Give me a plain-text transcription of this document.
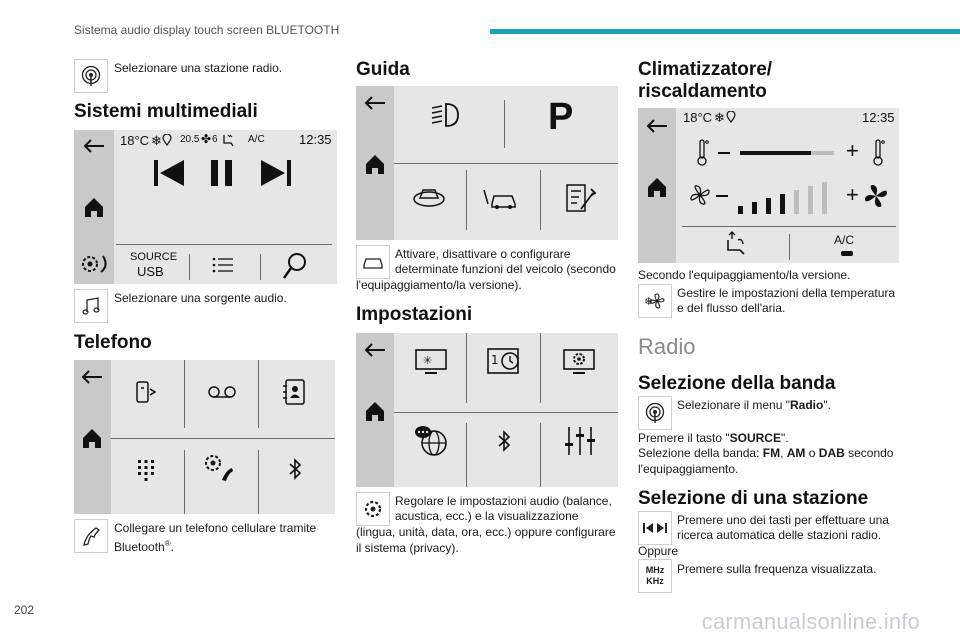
Sistema audio display touch screen BLUETOOTH
202	carmanualsonline.info
Selezionare una stazione radio.
Sistemi multimediali
18°C ❄ 20.5 ✤ 6	A/C	12:35
SOURCE
USB
Selezionare una sorgente audio.
Telefono
Collegare un telefono cellulare tramite
Bluetooth®.
Guida
P
Attivare, disattivare o configurare
determinate funzioni del veicolo (secondo
l'equipaggiamento/la versione).
Impostazioni
✳	1
Regolare le impostazioni audio (balance,
acustica, ecc.) e la visualizzazione
(lingua, unità, data, ora, ecc.) oppure configurare
il sistema (privacy).
Climatizzatore/
riscaldamento
18°C ❄	12:35
+
+
A/C
Secondo l'equipaggiamento/la versione.
❄
Gestire le impostazioni della temperatura
e del flusso dell'aria.
Radio
Selezione della banda
Selezionare il menu "Radio".
Premere il tasto "SOURCE".
Selezione della banda: FM, AM o DAB secondo
l'equipaggiamento.
Selezione di una stazione
Premere uno dei tasti per effettuare una
ricerca automatica delle stazioni radio.
Oppure
MHz
KHz
Premere sulla frequenza visualizzata.
